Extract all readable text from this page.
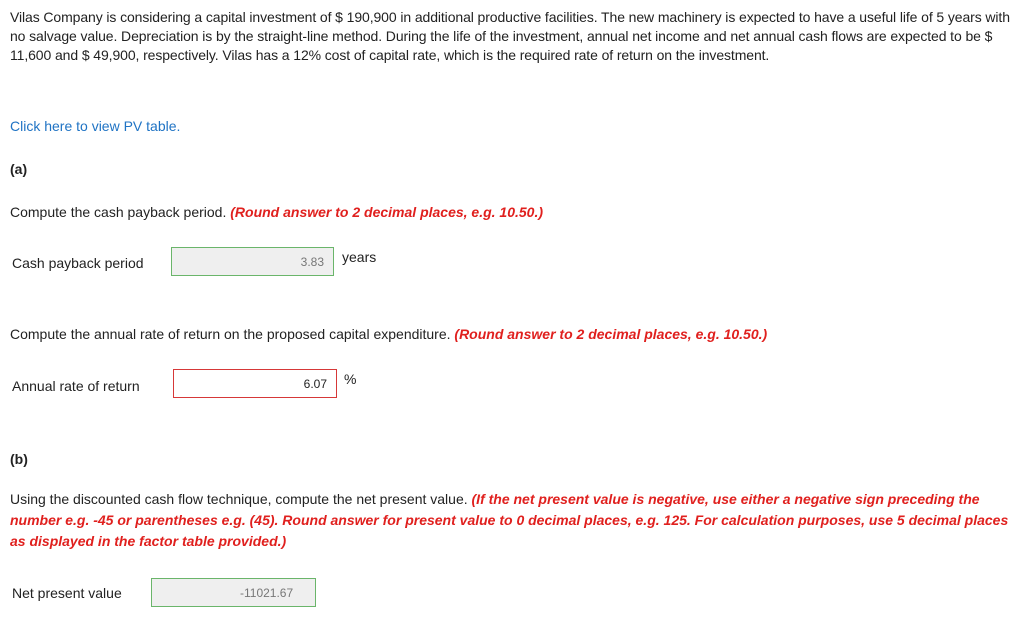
Vilas Company is considering a capital investment of $ 190,900 in additional productive facilities. The new machinery is expected to have a useful life of 5 years with no salvage value. Depreciation is by the straight-line method. During the life of the investment, annual net income and net annual cash flows are expected to be $ 11,600 and $ 49,900, respectively. Vilas has a 12% cost of capital rate, which is the required rate of return on the investment.
Click here to view PV table.
(a)
Compute the cash payback period. (Round answer to 2 decimal places, e.g. 10.50.)
Cash payback period	3.83	years
Compute the annual rate of return on the proposed capital expenditure. (Round answer to 2 decimal places, e.g. 10.50.)
Annual rate of return	6.07	%
(b)
Using the discounted cash flow technique, compute the net present value. (If the net present value is negative, use either a negative sign preceding the number e.g. -45 or parentheses e.g. (45). Round answer for present value to 0 decimal places, e.g. 125. For calculation purposes, use 5 decimal places as displayed in the factor table provided.)
Net present value	-11021.67
